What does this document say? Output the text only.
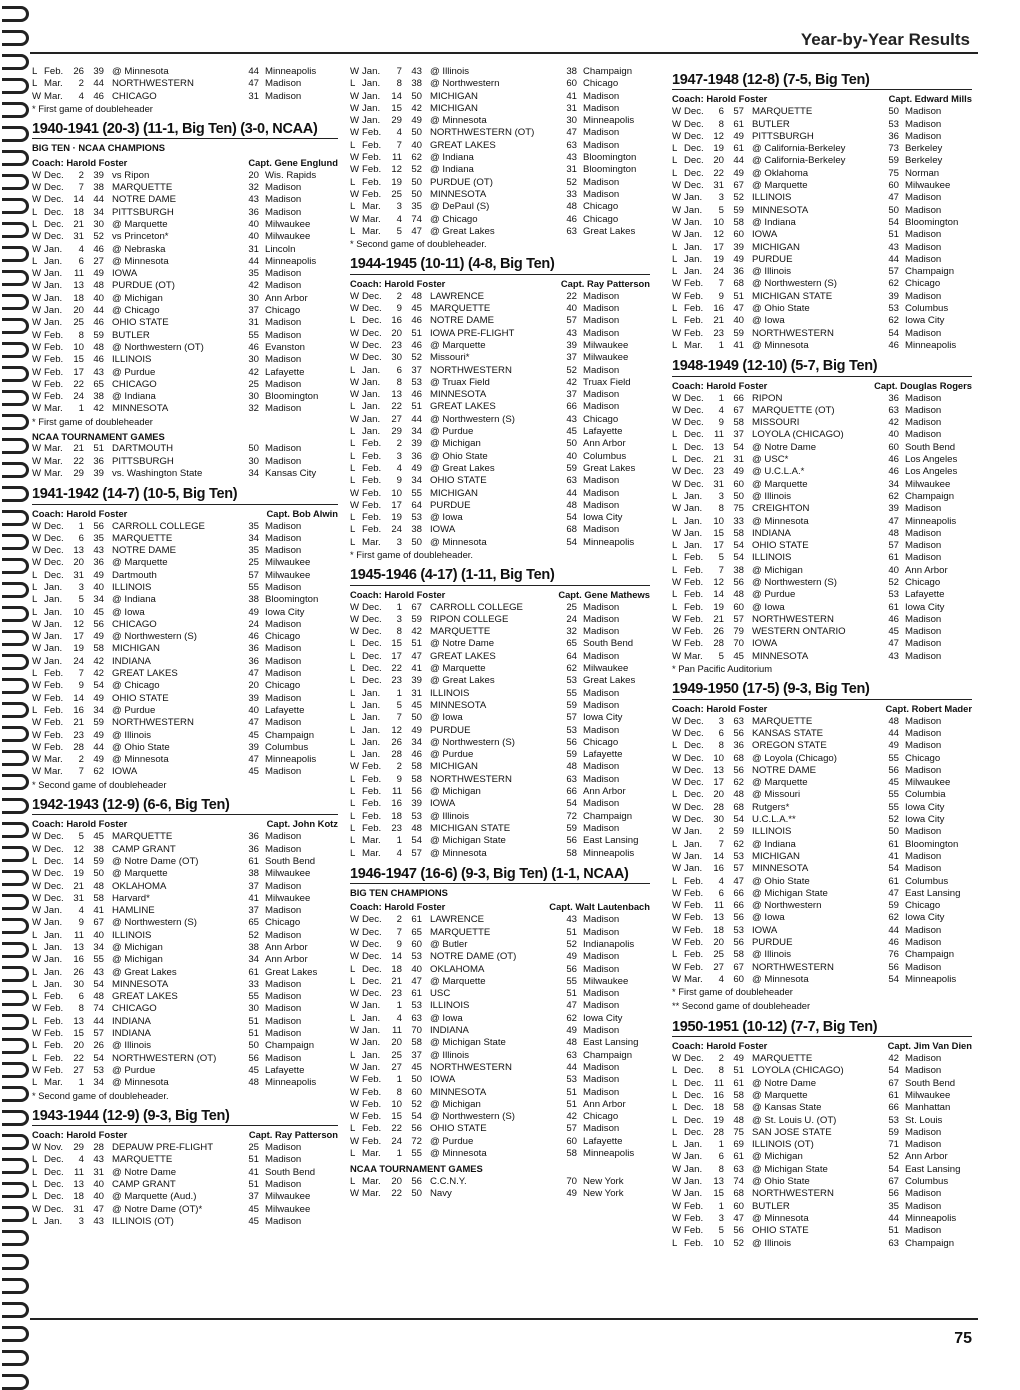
Year-by-Year Results
L Feb.	26 39 @ Minnesota	44 Minneapolis
L Mar.	2 44 NORTHWESTERN	47 Madison
W Mar.	4 46 CHICAGO	31 Madison
* First game of doubleheader
1940-1941 (20-3) (11-1, Big Ten) (3-0, NCAA)
BIG TEN · NCAA CHAMPIONS
Coach: Harold Foster	Capt. Gene Englund
W Dec.	2 39 vs Ripon	20 Wis. Rapids
W Dec.	7 38 MARQUETTE	32 Madison
W Dec. 14 44 NOTRE DAME	43 Madison
L Dec. 18 34 PITTSBURGH	36 Madison
L Dec. 21 30 @ Marquette	40 Milwaukee
W Dec. 31 52 vs Princeton*	40 Milwaukee
W Jan.	4 46 @ Nebraska	31 Lincoln
L Jan.	6 27 @ Minnesota	44 Minneapolis
W Jan.	11 49 IOWA	35 Madison
W Jan.	13 48 PURDUE (OT)	42 Madison
W Jan.	18 40 @ Michigan	30 Ann Arbor
W Jan.	20 44 @ Chicago	37 Chicago
W Jan.	25 46 OHIO STATE	31 Madison
W Feb.	8 59 BUTLER	55 Madison
W Feb.	10 48 @ Northwestern (OT)	46 Evanston
W Feb.	15 46 ILLINOIS	30 Madison
W Feb.	17 43 @ Purdue	42 Lafayette
W Feb.	22 65 CHICAGO	25 Madison
W Feb.	24 38 @ Indiana	30 Bloomington
W Mar.	1 42 MINNESOTA	32 Madison
* First game of doubleheader
NCAA TOURNAMENT GAMES
W Mar.	21 51 DARTMOUTH	50 Madison
W Mar.	22 36 PITTSBURGH	30 Madison
W Mar.	29 39 vs. Washington State	34 Kansas City
1941-1942 (14-7) (10-5, Big Ten)
Coach: Harold Foster	Capt. Bob Alwin
W Dec.	1 56 CARROLL COLLEGE	35 Madison
W Dec.	6 35 MARQUETTE	34 Madison
W Dec. 13 43 NOTRE DAME	35 Madison
W Dec. 20 36 @ Marquette	25 Milwaukee
L Dec. 31 49 Dartmouth	57 Milwaukee
L Jan.	3 40 ILLINOIS	55 Madison
L Jan.	5 34 @ Indiana	38 Bloomington
L Jan.	10 45 @ Iowa	49 Iowa City
W Jan.	12 56 CHICAGO	24 Madison
W Jan.	17 49 @ Northwestern (S)	46 Chicago
W Jan.	19 58 MICHIGAN	36 Madison
W Jan.	24 42 INDIANA	36 Madison
L Feb.	7 42 GREAT LAKES	47 Madison
W Feb.	9 54 @ Chicago	20 Chicago
W Feb.	14 49 OHIO STATE	39 Madison
L Feb.	16 34 @ Purdue	40 Lafayette
W Feb.	21 59 NORTHWESTERN	47 Madison
W Feb.	23 49 @ Illinois	45 Champaign
W Feb.	28 44 @ Ohio State	39 Columbus
W Mar.	2 49 @ Minnesota	47 Minneapolis
W Mar.	7 62 IOWA	45 Madison
* Second game of doubleheader
1942-1943 (12-9) (6-6, Big Ten)
Coach: Harold Foster	Capt. John Kotz
W Dec.	5 45 MARQUETTE	36 Madison
W Dec. 12 38 CAMP GRANT	36 Madison
L Dec. 14 59 @ Notre Dame (OT)	61 South Bend
W Dec. 19 50 @ Marquette	38 Milwaukee
W Dec. 21 48 OKLAHOMA	37 Madison
W Dec. 31 58 Harvard*	41 Milwaukee
W Jan.	4 41 HAMLINE	37 Madison
W Jan.	9 67 @ Northwestern (S)	65 Chicago
L Jan.	11 40 ILLINOIS	52 Madison
L Jan.	13 34 @ Michigan	38 Ann Arbor
W Jan.	16 55 @ Michigan	34 Ann Arbor
L Jan.	26 43 @ Great Lakes	61 Great Lakes
L Jan.	30 54 MINNESOTA	33 Madison
L Feb.	6 48 GREAT LAKES	55 Madison
W Feb.	8 74 CHICAGO	30 Madison
L Feb.	13 44 INDIANA	51 Madison
W Feb.	15 57 INDIANA	51 Madison
L Feb.	20 26 @ Illinois	50 Champaign
L Feb.	22 54 NORTHWESTERN (OT)	56 Madison
W Feb.	27 53 @ Purdue	45 Lafayette
L Mar.	1 34 @ Minnesota	48 Minneapolis
* Second game of doubleheader.
1943-1944 (12-9) (9-3, Big Ten)
Coach: Harold Foster	Capt. Ray Patterson
W Nov.	29 28 DEPAUW PRE-FLIGHT	25 Madison
L Dec.	4 43 MARQUETTE	51 Madison
L Dec.	11 31 @ Notre Dame	41 South Bend
L Dec. 13 40 CAMP GRANT	51 Madison
L Dec. 18 40 @ Marquette (Aud.)	37 Milwaukee
W Dec. 31 47 @ Notre Dame (OT)*	45 Milwaukee
L Jan.	3 43 ILLINOIS (OT)	45 Madison
W Jan.	7 43 @ Illinois	38 Champaign
L Jan.	8 38 @ Northwestern	60 Chicago
W Jan.	14 50 MICHIGAN	41 Madison
W Jan.	15 42 MICHIGAN	31 Madison
W Jan.	29 49 @ Minnesota	30 Minneapolis
W Feb.	4 50 NORTHWESTERN (OT)	47 Madison
L Feb.	7 40 GREAT LAKES	63 Madison
W Feb.	11 62 @ Indiana	43 Bloomington
W Feb.	12 52 @ Indiana	31 Bloomington
L Feb.	19 50 PURDUE (OT)	52 Madison
W Feb.	25 50 MINNESOTA	33 Madison
L Mar.	3 35 @ DePaul (S)	48 Chicago
W Mar.	4 74 @ Chicago	46 Chicago
L Mar.	5 47 @ Great Lakes	63 Great Lakes
* Second game of doubleheader.
1944-1945 (10-11) (4-8, Big Ten)
Coach: Harold Foster	Capt. Ray Patterson
W Dec.	2 48 LAWRENCE	22 Madison
W Dec.	9 45 MARQUETTE	40 Madison
L Dec. 16 46 NOTRE DAME	57 Madison
W Dec. 20 51 IOWA PRE-FLIGHT	43 Madison
W Dec. 23 46 @ Marquette	39 Milwaukee
W Dec. 30 52 Missouri*	37 Milwaukee
L Jan.	6 37 NORTHWESTERN	52 Madison
W Jan.	8 53 @ Truax Field	42 Truax Field
W Jan.	13 46 MINNESOTA	37 Madison
L Jan.	22 51 GREAT LAKES	66 Madison
W Jan.	27 44 @ Northwestern (S)	43 Chicago
L Jan.	29 34 @ Purdue	45 Lafayette
L Feb.	2 39 @ Michigan	50 Ann Arbor
L Feb.	3 36 @ Ohio State	40 Columbus
L Feb.	4 49 @ Great Lakes	59 Great Lakes
L Feb.	9 34 OHIO STATE	63 Madison
W Feb.	10 55 MICHIGAN	44 Madison
W Feb.	17 64 PURDUE	48 Madison
L Feb.	19 53 @ Iowa	54 Iowa City
L Feb.	24 38 IOWA	68 Madison
L Mar.	3 50 @ Minnesota	54 Minneapolis
* First game of doubleheader.
1945-1946 (4-17) (1-11, Big Ten)
Coach: Harold Foster	Capt. Gene Mathews
W Dec.	1 67 CARROLL COLLEGE	25 Madison
W Dec.	3 59 RIPON COLLEGE	24 Madison
W Dec.	8 42 MARQUETTE	32 Madison
L Dec. 15 51 @ Notre Dame	65 South Bend
L Dec. 17 47 GREAT LAKES	64 Madison
L Dec. 22 41 @ Marquette	62 Milwaukee
L Dec. 23 39 @ Great Lakes	53 Great Lakes
L Jan.	1 31 ILLINOIS	55 Madison
L Jan.	5 45 MINNESOTA	59 Madison
L Jan.	7 50 @ Iowa	57 Iowa City
L Jan.	12 49 PURDUE	53 Madison
L Jan.	26 34 @ Northwestern (S)	56 Chicago
L Jan.	28 46 @ Purdue	59 Lafayette
W Feb.	2 58 MICHIGAN	48 Madison
L Feb.	9 58 NORTHWESTERN	63 Madison
L Feb.	11 56 @ Michigan	66 Ann Arbor
L Feb.	16 39 IOWA	54 Madison
L Feb.	18 53 @ Illinois	72 Champaign
L Feb.	23 48 MICHIGAN STATE	59 Madison
L Mar.	1 54 @ Michigan State	56 East Lansing
L Mar.	4 57 @ Minnesota	58 Minneapolis
1946-1947 (16-6) (9-3, Big Ten) (1-1, NCAA)
BIG TEN CHAMPIONS
Coach: Harold Foster	Capt. Walt Lautenbach
W Dec.	2 61 LAWRENCE	43 Madison
W Dec.	7 65 MARQUETTE	51 Madison
W Dec.	9 60 @ Butler	52 Indianapolis
W Dec. 14 53 NOTRE DAME (OT)	49 Madison
L Dec. 18 40 OKLAHOMA	56 Madison
L Dec. 21 47 @ Marquette	55 Milwaukee
W Dec. 23 61 USC	51 Madison
W Jan.	1 53 ILLINOIS	47 Madison
L Jan.	4 63 @ Iowa	62 Iowa City
W Jan.	11 70 INDIANA	49 Madison
W Jan.	20 58 @ Michigan State	48 East Lansing
L Jan.	25 37 @ Illinois	63 Champaign
W Jan.	27 45 NORTHWESTERN	44 Madison
W Feb.	1 50 IOWA	53 Madison
W Feb.	8 60 MINNESOTA	51 Madison
W Feb.	10 52 @ Michigan	51 Ann Arbor
W Feb.	15 54 @ Northwestern (S)	42 Chicago
L Feb.	22 56 OHIO STATE	57 Madison
W Feb.	24 72 @ Purdue	60 Lafayette
L Mar.	1 55 @ Minnesota	58 Minneapolis
NCAA TOURNAMENT GAMES
L Mar.	20 56 C.C.N.Y.	70 New York
W Mar.	22 50 Navy	49 New York
1947-1948 (12-8) (7-5, Big Ten)
Coach: Harold Foster	Capt. Edward Mills
W Dec.	6 57 MARQUETTE	50 Madison
W Dec.	8 61 BUTLER	53 Madison
W Dec. 12 49 PITTSBURGH	36 Madison
L Dec. 19 61 @ California-Berkeley	73 Berkeley
L Dec. 20 44 @ California-Berkeley	59 Berkeley
L Dec. 22 49 @ Oklahoma	75 Norman
W Dec. 31 67 @ Marquette	60 Milwaukee
W Jan.	3 52 ILLINOIS	47 Madison
W Jan.	5 59 MINNESOTA	50 Madison
W Jan.	10 58 @ Indiana	54 Bloomington
W Jan.	12 60 IOWA	51 Madison
L Jan.	17 39 MICHIGAN	43 Madison
L Jan.	19 49 PURDUE	44 Madison
L Jan.	24 36 @ Illinois	57 Champaign
W Feb.	7 68 @ Northwestern (S)	62 Chicago
W Feb.	9 51 MICHIGAN STATE	39 Madison
L Feb.	16 47 @ Ohio State	53 Columbus
L Feb.	21 40 @ Iowa	62 Iowa City
W Feb.	23 59 NORTHWESTERN	54 Madison
L Mar.	1 41 @ Minnesota	46 Minneapolis
1948-1949 (12-10) (5-7, Big Ten)
Coach: Harold Foster	Capt. Douglas Rogers
W Dec.	1 66 RIPON	36 Madison
W Dec.	4 67 MARQUETTE (OT)	63 Madison
W Dec.	9 58 MISSOURI	42 Madison
L Dec.	11 37 LOYOLA (CHICAGO)	40 Madison
L Dec. 13 54 @ Notre Dame	60 South Bend
L Dec. 21 31 @ USC*	46 Los Angeles
W Dec. 23 49 @ U.C.L.A.*	46 Los Angeles
W Dec. 31 60 @ Marquette	34 Milwaukee
L Jan.	3 50 @ Illinois	62 Champaign
W Jan.	8 75 CREIGHTON	39 Madison
L Jan.	10 33 @ Minnesota	47 Minneapolis
W Jan.	15 58 INDIANA	48 Madison
L Jan.	17 54 OHIO STATE	57 Madison
L Feb.	5 54 ILLINOIS	61 Madison
L Feb.	7 38 @ Michigan	40 Ann Arbor
W Feb.	12 56 @ Northwestern (S)	52 Chicago
L Feb.	14 48 @ Purdue	53 Lafayette
L Feb.	19 60 @ Iowa	61 Iowa City
W Feb.	21 57 NORTHWESTERN	46 Madison
W Feb.	26 79 WESTERN ONTARIO	45 Madison
W Feb.	28 70 IOWA	47 Madison
W Mar.	5 45 MINNESOTA	43 Madison
* Pan Pacific Auditorium
1949-1950 (17-5) (9-3, Big Ten)
Coach: Harold Foster	Capt. Robert Mader
W Dec.	3 63 MARQUETTE	48 Madison
W Dec.	6 56 KANSAS STATE	44 Madison
L Dec.	8 36 OREGON STATE	49 Madison
W Dec. 10 68 @ Loyola (Chicago)	55 Chicago
W Dec. 13 56 NOTRE DAME	56 Madison
W Dec. 17 62 @ Marquette	45 Milwaukee
L Dec. 20 48 @ Missouri	55 Columbia
W Dec. 28 68 Rutgers*	55 Iowa City
W Dec. 30 54 U.C.L.A.**	52 Iowa City
W Jan.	2 59 ILLINOIS	50 Madison
L Jan.	7 62 @ Indiana	61 Bloomington
W Jan.	14 53 MICHIGAN	41 Madison
W Jan.	16 57 MINNESOTA	54 Madison
L Feb.	4 47 @ Ohio State	61 Columbus
W Feb.	6 66 @ Michigan State	47 East Lansing
W Feb.	11 66 @ Northwestern	59 Chicago
W Feb.	13 56 @ Iowa	62 Iowa City
W Feb.	18 53 IOWA	44 Madison
W Feb.	20 56 PURDUE	46 Madison
L Feb.	25 58 @ Illinois	76 Champaign
W Feb.	27 67 NORTHWESTERN	56 Madison
W Mar.	4 60 @ Minnesota	54 Minneapolis
* First game of doubleheader
** Second game of doubleheader
1950-1951 (10-12) (7-7, Big Ten)
Coach: Harold Foster	Capt. Jim Van Dien
W Dec.	2 49 MARQUETTE	42 Madison
L Dec.	8 51 LOYOLA (CHICAGO)	54 Madison
L Dec.	11 61 @ Notre Dame	67 South Bend
L Dec. 16 58 @ Marquette	61 Milwaukee
L Dec. 18 58 @ Kansas State	66 Manhattan
L Dec. 19 48 @ St. Louis U. (OT)	53 St. Louis
L Dec. 28 75 SAN JOSE STATE	59 Madison
L Jan.	1 69 ILLINOIS (OT)	71 Madison
W Jan.	6 61 @ Michigan	52 Ann Arbor
W Jan.	8 63 @ Michigan State	54 East Lansing
W Jan.	13 74 @ Ohio State	67 Columbus
W Jan.	15 68 NORTHWESTERN	56 Madison
W Feb.	1 60 BUTLER	35 Madison
W Feb.	3 47 @ Minnesota	44 Minneapolis
W Feb.	5 56 OHIO STATE	51 Madison
L Feb.	10 52 @ Illinois	63 Champaign
75
